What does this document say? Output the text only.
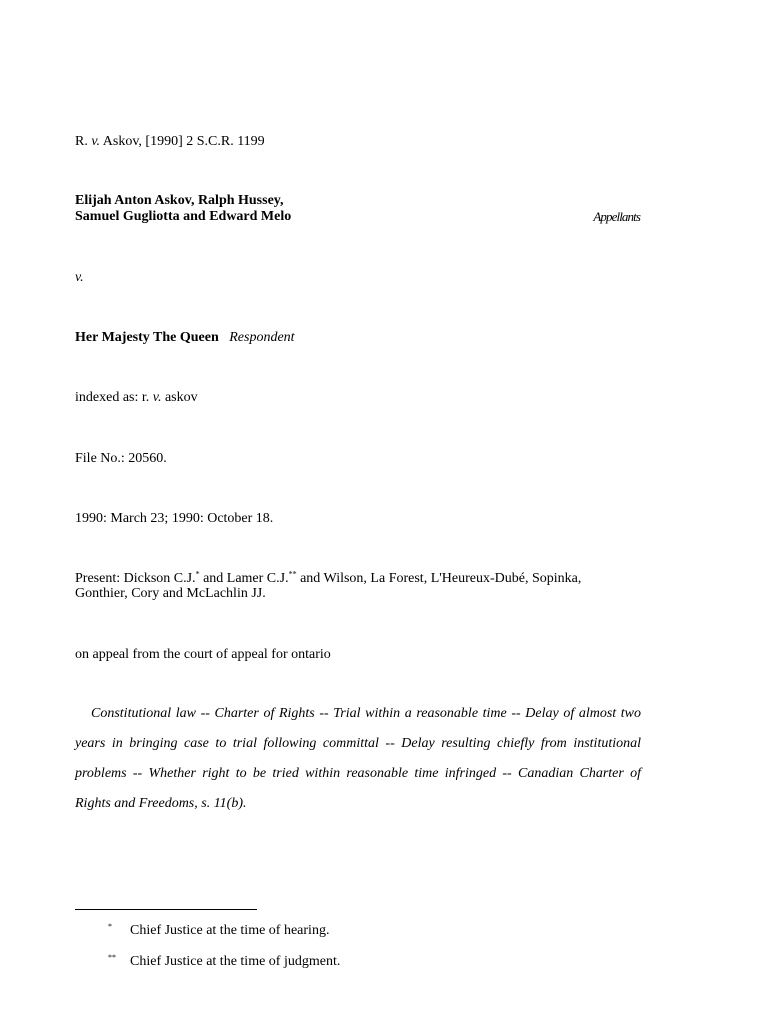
R. v. Askov, [1990] 2 S.C.R. 1199
Elijah Anton Askov, Ralph Hussey,
Samuel Gugliotta and Edward Melo	Appellants
v.
Her Majesty The Queen Respondent
indexed as: r. v. askov
File No.: 20560.
1990: March 23; 1990: October 18.
Present: Dickson C.J.* and Lamer C.J.** and Wilson, La Forest, L'Heureux-Dubé, Sopinka,
Gonthier, Cory and McLachlin JJ.
on appeal from the court of appeal for ontario
Constitutional law -- Charter of Rights -- Trial within a reasonable time -- Delay of almost two years in bringing case to trial following committal -- Delay resulting chiefly from institutional problems -- Whether right to be tried within reasonable time infringed -- Canadian Charter of Rights and Freedoms, s. 11(b).
* Chief Justice at the time of hearing.
** Chief Justice at the time of judgment.
